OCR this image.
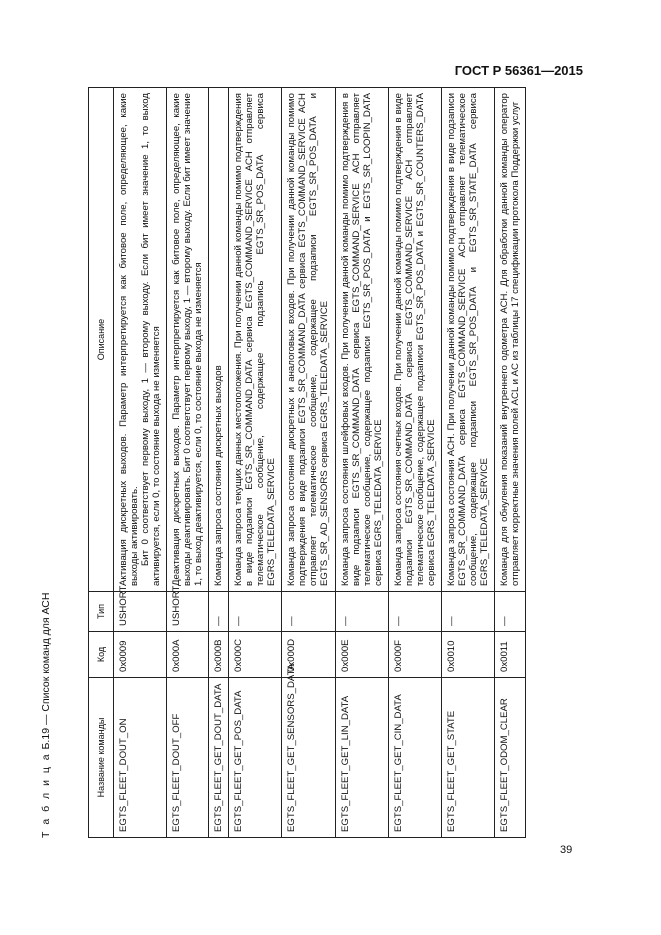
ГОСТ Р 56361—2015
Т а б л и ц а Б.19 — Список команд для АСН
Название команды	Код	Тип	Описание
EGTS_FLEET_DOUT_ON	0x0009	USHORT	Активация дискретных выходов. Параметр интерпретируется как битовое поле, определяющее, какие выходы активировать. Бит 0 соответствует первому выходу, 1 — второму выходу. Если бит имеет значение 1, то выход активируется, если 0, то состояние выхода не изменяется

EGTS_FLEET_DOUT_OFF	0x000A	USHORT	Деактивация дискретных выходов. Параметр интерпретируется как битовое поле, определяющее, какие выходы деактивировать. Бит 0 соответствует первому выходу, 1 — второму выходу. Если бит имеет значение 1, то выход деактивируется, если 0, то состояние выхода не изменяется
EGTS_FLEET_GET_DOUT_DATA	0x000B	—	Команда запроса состояния дискретных выходов
EGTS_FLEET_GET_POS_DATA	0x000C	—	Команда запроса текущих данных местоположения. При получении данной команды помимо подтверждения в виде подзаписи EGTS_SR_COMMAND_DATA сервиса EGTS_COMMAND_SERVICE АСН отправляет телематическое сообщение, содержащее подзапись EGTS_SR_POS_DATA сервиса EGRS_TELEDATA_SERVICE
EGTS_FLEET_GET_SENSORS_DATA	0x000D	—	Команда запроса состояния дискретных и аналоговых входов. При получении данной команды помимо подтверждения в виде подзаписи EGTS_SR_COMMAND_DATA сервиса EGTS_COMMAND_SERVICE АСН отправляет телематическое сообщение, содержащее подзаписи EGTS_SR_POS_DATA и EGTS_SR_AD_SENSORS сервиса EGRS_TELEDATA_SERVICE
EGTS_FLEET_GET_LIN_DATA	0x000E	—	Команда запроса состояния шлейфовых входов. При получении данной команды помимо подтверждения в виде подзаписи EGTS_SR_COMMAND_DATA сервиса EGTS_COMMAND_SERVICE АСН отправляет телематическое сообщение, содержащее подзаписи EGTS_SR_POS_DATA и EGTS_SR_LOOPIN_DATA сервиса EGRS_TELEDATA_SERVICE
EGTS_FLEET_GET_CIN_DATA	0x000F	—	Команда запроса состояния счетных входов. При получении данной команды помимо подтверждения в виде подзаписи EGTS_SR_COMMAND_DATA сервиса EGTS_COMMAND_SERVICE АСН отправляет телематическое сообщение, содержащее подзаписи EGTS_SR_POS_DATA и EGTS_SR_COUNTERS_DATA сервиса EGRS_TELEDATA_SERVICE
EGTS_FLEET_GET_STATE	0x0010	—	Команда запроса состояния АСН. При получении данной команды помимо подтверждения в виде подзаписи EGTS_SR_COMMAND_DATA сервиса EGTS_COMMAND_SERVICE АСН отправляет телематическое сообщение, содержащее подзаписи EGTS_SR_POS_DATA и EGTS_SR_STATE_DATA сервиса EGRS_TELEDATA_SERVICE
EGTS_FLEET_ODOM_CLEAR	0x0011	—	Команда для обнуления показаний внутреннего одометра АСН. Для обработки данной команды оператор отправляет корректные значения полей ACL и AC из таблицы 17 спецификации протокола Поддержки услуг
39
